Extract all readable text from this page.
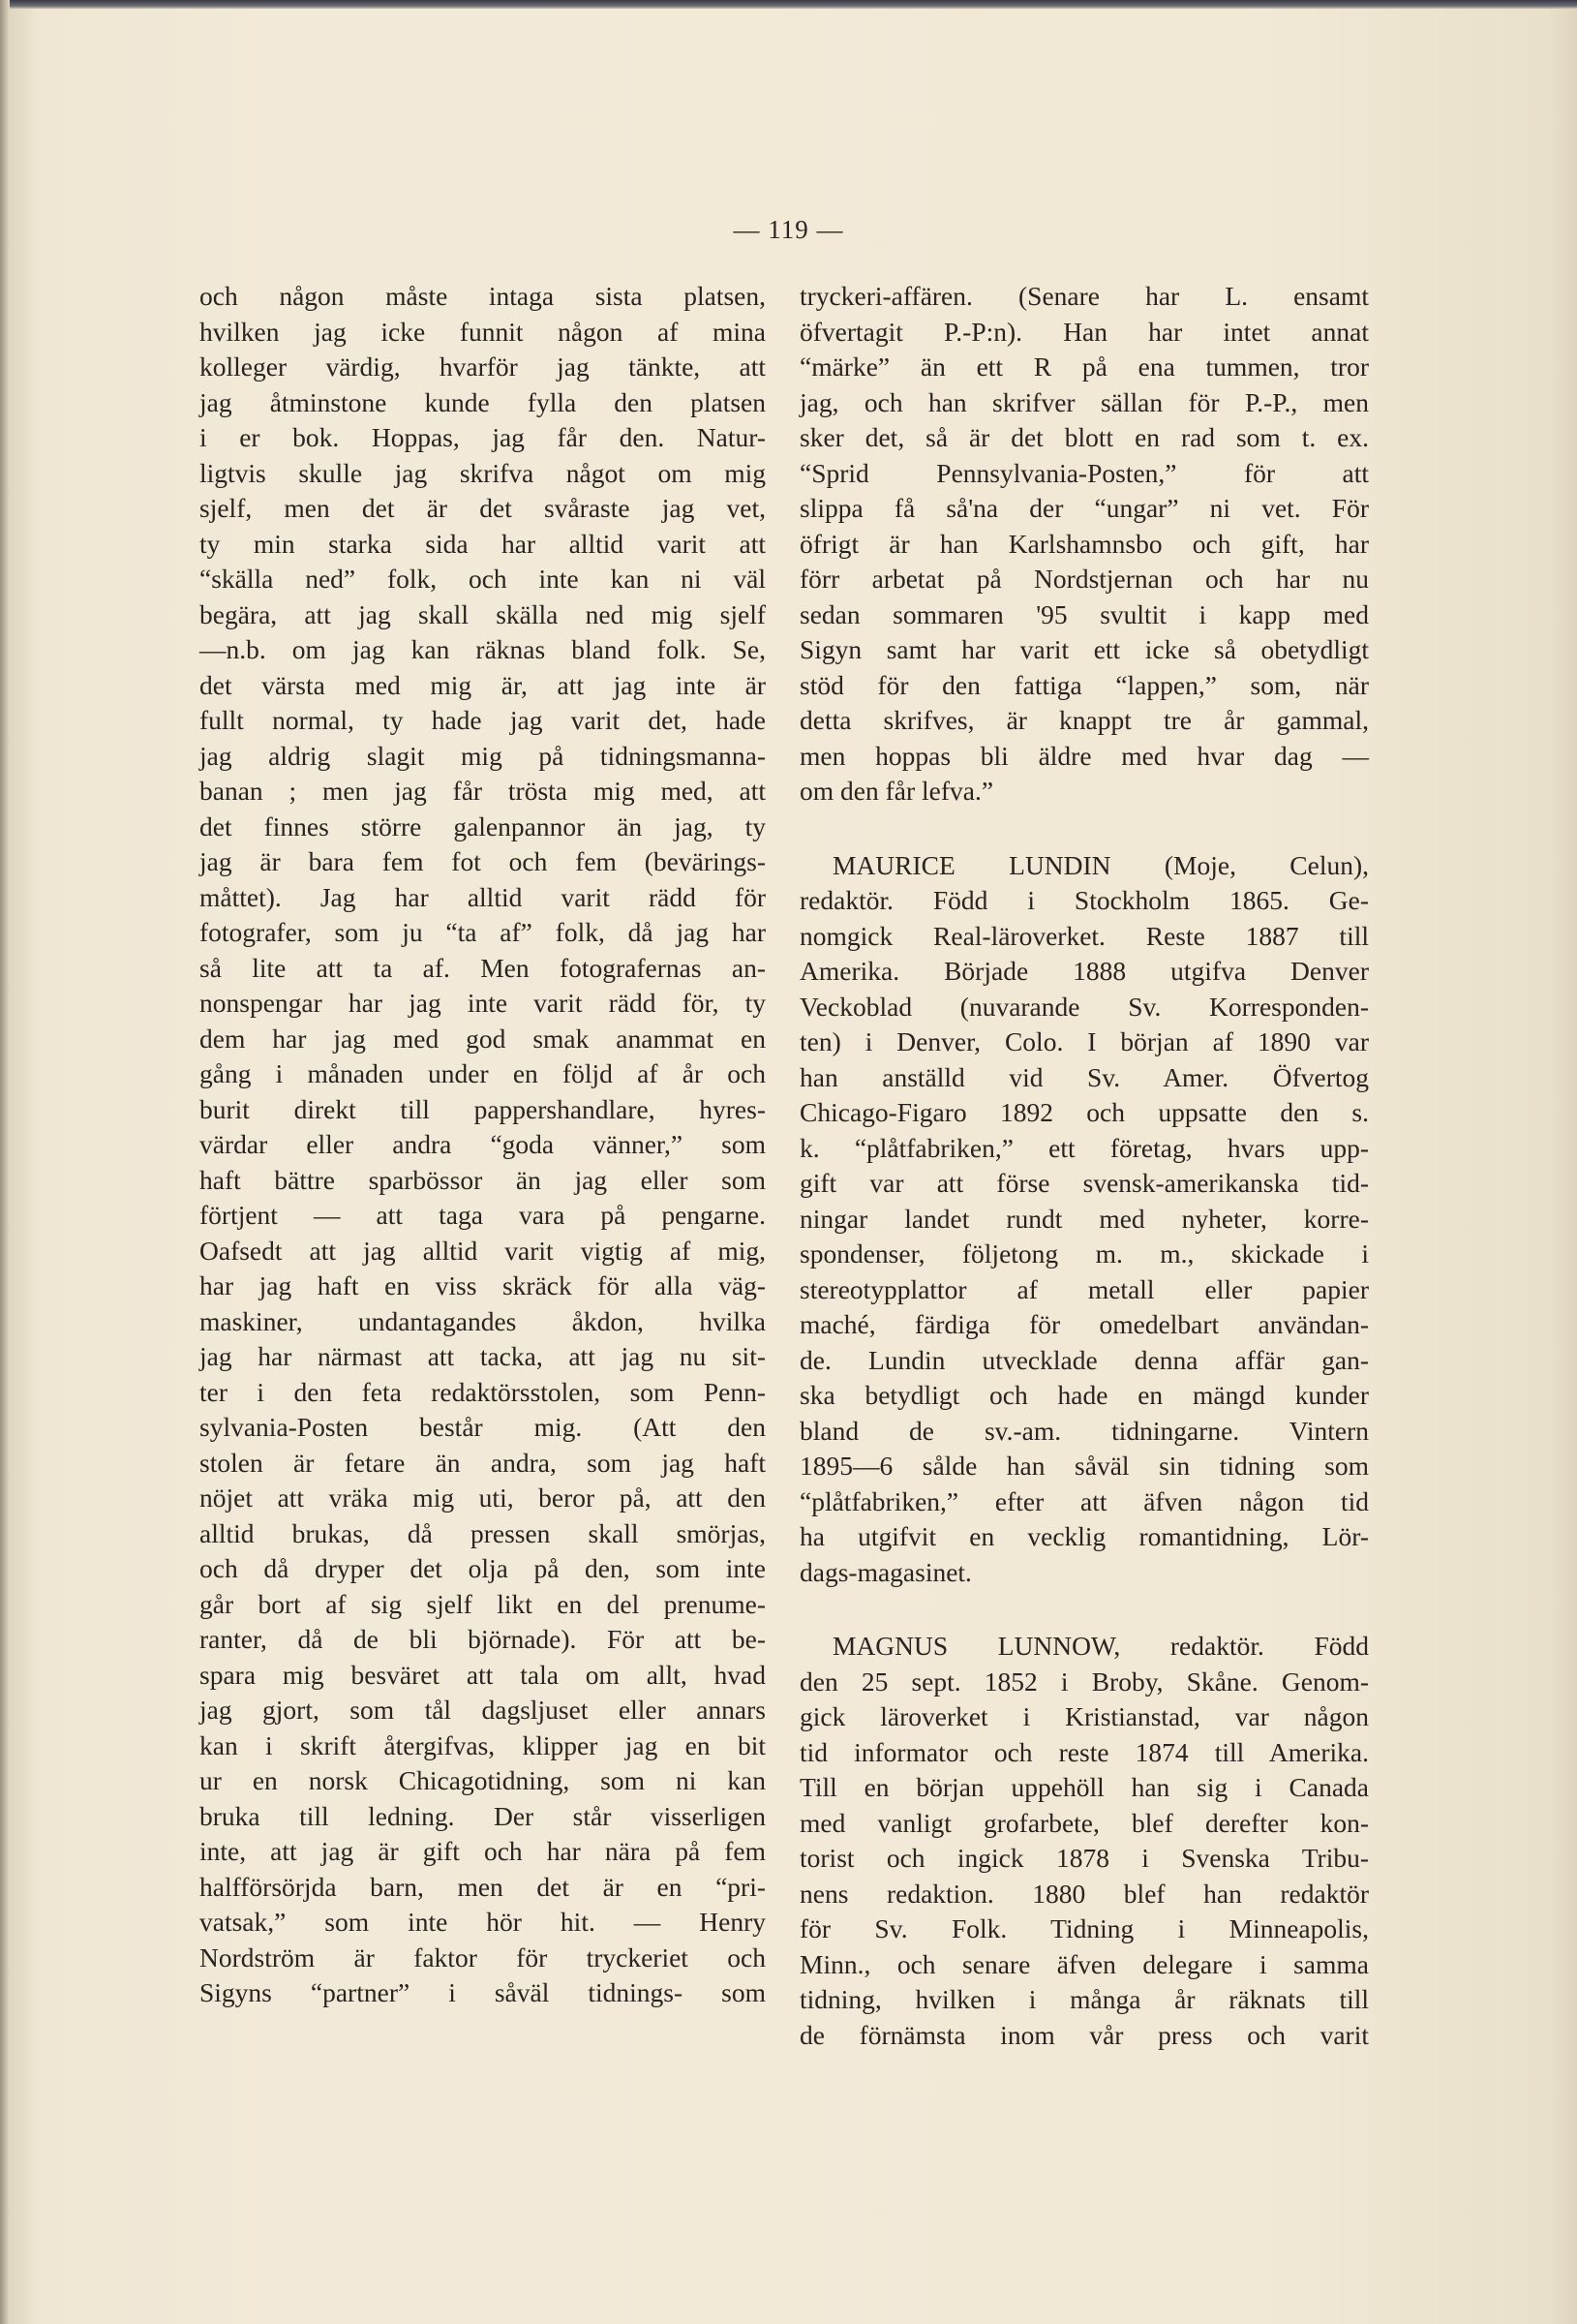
— 119 —
och någon måste intaga sista platsen,
hvilken jag icke funnit någon af mina
kolleger värdig, hvarför jag tänkte, att
jag åtminstone kunde fylla den platsen
i er bok. Hoppas, jag får den. Natur-
ligtvis skulle jag skrifva något om mig
sjelf, men det är det svåraste jag vet,
ty min starka sida har alltid varit att
“skälla ned” folk, och inte kan ni väl
begära, att jag skall skälla ned mig sjelf
—n.b. om jag kan räknas bland folk. Se,
det värsta med mig är, att jag inte är
fullt normal, ty hade jag varit det, hade
jag aldrig slagit mig på tidningsmanna-
banan ; men jag får trösta mig med, att
det finnes större galenpannor än jag, ty
jag är bara fem fot och fem (bevärings-
måttet). Jag har alltid varit rädd för
fotografer, som ju “ta af” folk, då jag har
så lite att ta af. Men fotografernas an-
nonspengar har jag inte varit rädd för, ty
dem har jag med god smak anammat en
gång i månaden under en följd af år och
burit direkt till pappershandlare, hyres-
värdar eller andra “goda vänner,” som
haft bättre sparbössor än jag eller som
förtjent — att taga vara på pengarne.
Oafsedt att jag alltid varit vigtig af mig,
har jag haft en viss skräck för alla väg-
maskiner, undantagandes åkdon, hvilka
jag har närmast att tacka, att jag nu sit-
ter i den feta redaktörsstolen, som Penn-
sylvania-Posten består mig. (Att den
stolen är fetare än andra, som jag haft
nöjet att vräka mig uti, beror på, att den
alltid brukas, då pressen skall smörjas,
och då dryper det olja på den, som inte
går bort af sig sjelf likt en del prenume-
ranter, då de bli björnade). För att be-
spara mig besväret att tala om allt, hvad
jag gjort, som tål dagsljuset eller annars
kan i skrift återgifvas, klipper jag en bit
ur en norsk Chicagotidning, som ni kan
bruka till ledning. Der står visserligen
inte, att jag är gift och har nära på fem
halfförsörjda barn, men det är en “pri-
vatsak,” som inte hör hit. — Henry
Nordström är faktor för tryckeriet och
Sigyns “partner” i såväl tidnings- som
tryckeri-affären. (Senare har L. ensamt
öfvertagit P.-P:n). Han har intet annat
“märke” än ett R på ena tummen, tror
jag, och han skrifver sällan för P.-P., men
sker det, så är det blott en rad som t. ex.
“Sprid Pennsylvania-Posten,” för att
slippa få så'na der “ungar” ni vet. För
öfrigt är han Karlshamnsbo och gift, har
förr arbetat på Nordstjernan och har nu
sedan sommaren '95 svultit i kapp med
Sigyn samt har varit ett icke så obetydligt
stöd för den fattiga “lappen,” som, när
detta skrifves, är knappt tre år gammal,
men hoppas bli äldre med hvar dag —
om den får lefva.”
MAURICE LUNDIN (Moje, Celun),
redaktör. Född i Stockholm 1865. Ge-
nomgick Real-läroverket. Reste 1887 till
Amerika. Började 1888 utgifva Denver
Veckoblad (nuvarande Sv. Korresponden-
ten) i Denver, Colo. I början af 1890 var
han anställd vid Sv. Amer. Öfvertog
Chicago-Figaro 1892 och uppsatte den s.
k. “plåtfabriken,” ett företag, hvars upp-
gift var att förse svensk-amerikanska tid-
ningar landet rundt med nyheter, korre-
spondenser, följetong m. m., skickade i
stereotypplattor af metall eller papier
maché, färdiga för omedelbart användan-
de. Lundin utvecklade denna affär gan-
ska betydligt och hade en mängd kunder
bland de sv.-am. tidningarne. Vintern
1895—6 sålde han såväl sin tidning som
“plåtfabriken,” efter att äfven någon tid
ha utgifvit en vecklig romantidning, Lör-
dags-magasinet.
MAGNUS LUNNOW, redaktör. Född
den 25 sept. 1852 i Broby, Skåne. Genom-
gick läroverket i Kristianstad, var någon
tid informator och reste 1874 till Amerika.
Till en början uppehöll han sig i Canada
med vanligt grofarbete, blef derefter kon-
torist och ingick 1878 i Svenska Tribu-
nens redaktion. 1880 blef han redaktör
för Sv. Folk. Tidning i Minneapolis,
Minn., och senare äfven delegare i samma
tidning, hvilken i många år räknats till
de förnämsta inom vår press och varit
